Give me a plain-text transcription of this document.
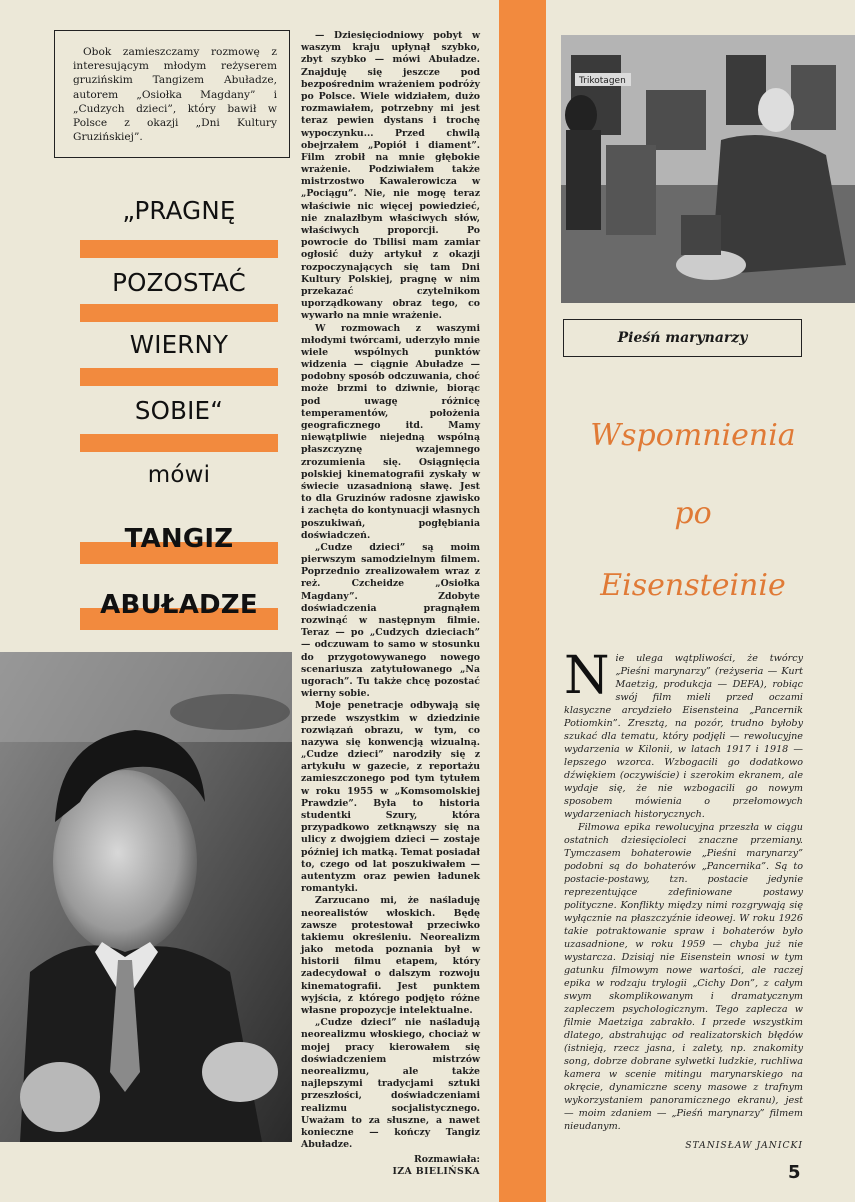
Obok zamieszczamy rozmowę z interesującym młodym reżyserem gruzińskim Tangizem Abuładze, autorem „Osiołka Magdany” i „Cudzych dzieci”, który bawił w Polsce z okazji „Dni Kultury Gruzińskiej”.
„PRAGNĘ
POZOSTAĆ
WIERNY
SOBIE“
mówi
TANGIZ
ABUŁADZE

— Dziesięciodniowy pobyt w waszym kraju upłynął szybko, zbyt szybko — mówi Abuładze. Znajduję się jeszcze pod bezpośrednim wrażeniem podróży po Polsce. Wiele widziałem, dużo rozmawiałem, potrzebny mi jest teraz pewien dystans i trochę wypoczynku... Przed chwilą obejrzałem „Popiół i diament”. Film zrobił na mnie głębokie wrażenie. Podziwiałem także mistrzostwo Kawalerowicza w „Pociągu”. Nie, nie mogę teraz właściwie nic więcej powiedzieć, nie znalazłbym właściwych słów, właściwych proporcji. Po powrocie do Tbilisi mam zamiar ogłosić duży artykuł z okazji rozpoczynających się tam Dni Kultury Polskiej, pragnę w nim przekazać czytelnikom uporządkowany obraz tego, co wywarło na mnie wrażenie.

W rozmowach z waszymi młodymi twórcami, uderzyło mnie wiele wspólnych punktów widzenia — ciągnie Abuładze — podobny sposób odczuwania, choć może brzmi to dziwnie, biorąc pod uwagę różnicę temperamentów, położenia geograficznego itd. Mamy niewątpliwie niejedną wspólną płaszczyznę wzajemnego zrozumienia się. Osiągnięcia polskiej kinematografii zyskały w świecie uzasadnioną sławę. Jest to dla Gruzinów radosne zjawisko i zachęta do kontynuacji własnych poszukiwań, pogłębiania doświadczeń.

„Cudze dzieci” są moim pierwszym samodzielnym filmem. Poprzednio zrealizowałem wraz z reż. Czcheidze „Osiołka Magdany”. Zdobyte doświadczenia pragnąłem rozwinąć w następnym filmie. Teraz — po „Cudzych dzieciach” — odczuwam to samo w stosunku do przygotowywanego nowego scenariusza zatytułowanego „Na ugorach”. Tu także chcę pozostać wierny sobie.

Moje penetracje odbywają się przede wszystkim w dziedzinie rozwiązań obrazu, w tym, co nazywa się konwencją wizualną. „Cudze dzieci” narodziły się z artykułu w gazecie, z reportażu zamieszczonego pod tym tytułem w roku 1955 w „Komsomolskiej Prawdzie”. Była to historia studentki Szury, która przypadkowo zetknąwszy się na ulicy z dwojgiem dzieci — zostaje później ich matką. Temat posiadał to, czego od lat poszukiwałem — autentyzm oraz pewien ładunek romantyki.

Zarzucano mi, że naśladuję neorealistów włoskich. Będę zawsze protestował przeciwko takiemu określeniu. Neorealizm jako metoda poznania był w historii filmu etapem, który zadecydował o dalszym rozwoju kinematografii. Jest punktem wyjścia, z którego podjęto różne własne propozycje intelektualne.

„Cudze dzieci” nie naśladują neorealizmu włoskiego, chociaż w mojej pracy kierowałem się doświadczeniem mistrzów neorealizmu, ale także najlepszymi tradycjami sztuki przeszłości, doświadczeniami realizmu socjalistycznego. Uważam to za słuszne, a nawet konieczne — kończy Tangiz Abuładze.

Rozmawiała:

IZA BIELIŃSKA

Trikotagen
Pieśń marynarzy
Wspomnienia
po
Eisensteinie

Nie ulega wątpliwości, że twórcy „Pieśni marynarzy” (reżyseria — Kurt Maetzig, produkcja — DEFA), robiąc swój film mieli przed oczami klasyczne arcydzieło Eisensteina „Pancernik Potiomkin”. Zresztą, na pozór, trudno byłoby szukać dla tematu, który podjęli — rewolucyjne wydarzenia w Kilonii, w latach 1917 i 1918 — lepszego wzorca. Wzbogacili go dodatkowo dźwiękiem (oczywiście) i szerokim ekranem, ale wydaje się, że nie wzbogacili go nowym sposobem mówienia o przełomowych wydarzeniach historycznych.

Filmowa epika rewolucyjna przeszła w ciągu ostatnich dziesięcioleci znaczne przemiany. Tymczasem bohaterowie „Pieśni marynarzy” podobni są do bohaterów „Pancernika”. Są to postacie-postawy, tzn. postacie jedynie reprezentujące zdefiniowane postawy polityczne. Konflikty między nimi rozgrywają się wyłącznie na płaszczyźnie ideowej. W roku 1926 takie potraktowanie spraw i bohaterów było uzasadnione, w roku 1959 — chyba już nie wystarcza. Dzisiaj nie Eisenstein wnosi w tym gatunku filmowym nowe wartości, ale raczej epika w rodzaju trylogii „Cichy Don”, z całym swym skomplikowanym i dramatycznym zapleczem psychologicznym. Tego zaplecza w filmie Maetziga zabrakło. I przede wszystkim dlatego, abstrahując od realizatorskich błędów (istnieją, rzecz jasna, i zalety, np. znakomity song, dobrze dobrane sylwetki ludzkie, ruchliwa kamera w scenie mitingu marynarskiego na okręcie, dynamiczne sceny masowe z trafnym wykorzystaniem panoramicznego ekranu), jest — moim zdaniem — „Pieśń marynarzy” filmem nieudanym.

STANISŁAW JANICKI

5
